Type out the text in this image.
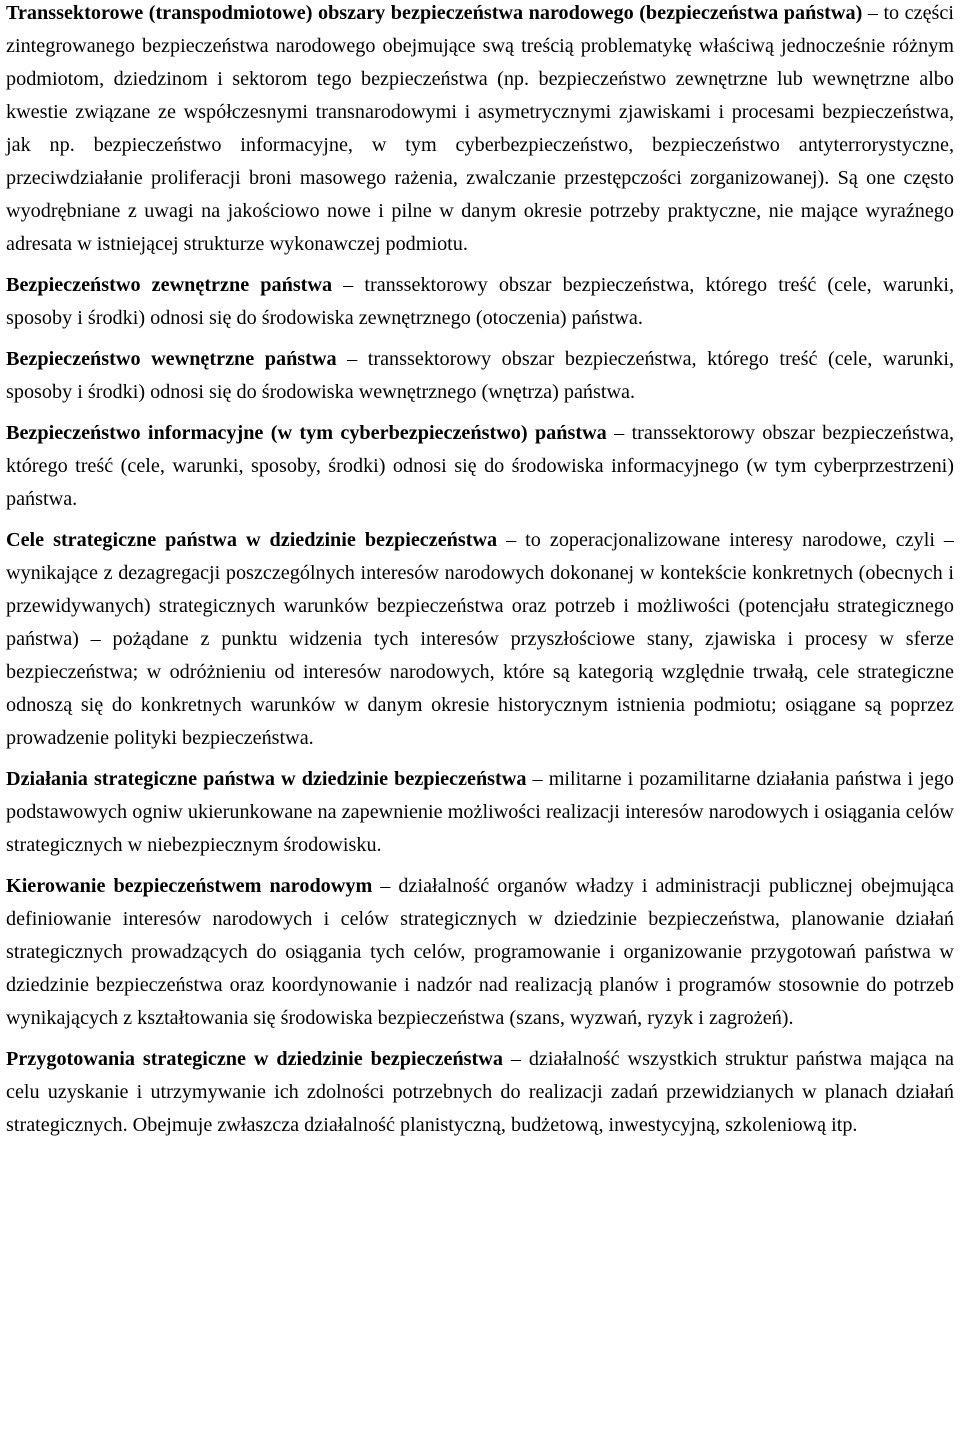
Transsektorowe (transpodmiotowe) obszary bezpieczeństwa narodowego (bezpieczeństwa państwa) – to części zintegrowanego bezpieczeństwa narodowego obejmujące swą treścią problematykę właściwą jednocześnie różnym podmiotom, dziedzinom i sektorom tego bezpieczeństwa (np. bezpieczeństwo zewnętrzne lub wewnętrzne albo kwestie związane ze współczesnymi transnarodowymi i asymetrycznymi zjawiskami i procesami bezpieczeństwa, jak np. bezpieczeństwo informacyjne, w tym cyberbezpieczeństwo, bezpieczeństwo antyterrorystyczne, przeciwdziałanie proliferacji broni masowego rażenia, zwalczanie przestępczości zorganizowanej). Są one często wyodrębniane z uwagi na jakościowo nowe i pilne w danym okresie potrzeby praktyczne, nie mające wyraźnego adresata w istniejącej strukturze wykonawczej podmiotu.

Bezpieczeństwo zewnętrzne państwa – transsektorowy obszar bezpieczeństwa, którego treść (cele, warunki, sposoby i środki) odnosi się do środowiska zewnętrznego (otoczenia) państwa.

Bezpieczeństwo wewnętrzne państwa – transsektorowy obszar bezpieczeństwa, którego treść (cele, warunki, sposoby i środki) odnosi się do środowiska wewnętrznego (wnętrza) państwa.

Bezpieczeństwo informacyjne (w tym cyberbezpieczeństwo) państwa – transsektorowy obszar bezpieczeństwa, którego treść (cele, warunki, sposoby, środki) odnosi się do środowiska informacyjnego (w tym cyberprzestrzeni) państwa.

Cele strategiczne państwa w dziedzinie bezpieczeństwa – to zoperacjonalizowane interesy narodowe, czyli – wynikające z dezagregacji poszczególnych interesów narodowych dokonanej w kontekście konkretnych (obecnych i przewidywanych) strategicznych warunków bezpieczeństwa oraz potrzeb i możliwości (potencjału strategicznego państwa) – pożądane z punktu widzenia tych interesów przyszłościowe stany, zjawiska i procesy w sferze bezpieczeństwa; w odróżnieniu od interesów narodowych, które są kategorią względnie trwałą, cele strategiczne odnoszą się do konkretnych warunków w danym okresie historycznym istnienia podmiotu; osiągane są poprzez prowadzenie polityki bezpieczeństwa.

Działania strategiczne państwa w dziedzinie bezpieczeństwa – militarne i pozamilitarne działania państwa i jego podstawowych ogniw ukierunkowane na zapewnienie możliwości realizacji interesów narodowych i osiągania celów strategicznych w niebezpiecznym środowisku.

Kierowanie bezpieczeństwem narodowym – działalność organów władzy i administracji publicznej obejmująca definiowanie interesów narodowych i celów strategicznych w dziedzinie bezpieczeństwa, planowanie działań strategicznych prowadzących do osiągania tych celów, programowanie i organizowanie przygotowań państwa w dziedzinie bezpieczeństwa oraz koordynowanie i nadzór nad realizacją planów i programów stosownie do potrzeb wynikających z kształtowania się środowiska bezpieczeństwa (szans, wyzwań, ryzyk i zagrożeń).

Przygotowania strategiczne w dziedzinie bezpieczeństwa – działalność wszystkich struktur państwa mająca na celu uzyskanie i utrzymywanie ich zdolności potrzebnych do realizacji zadań przewidzianych w planach działań strategicznych. Obejmuje zwłaszcza działalność planistyczną, budżetową, inwestycyjną, szkoleniową itp.
